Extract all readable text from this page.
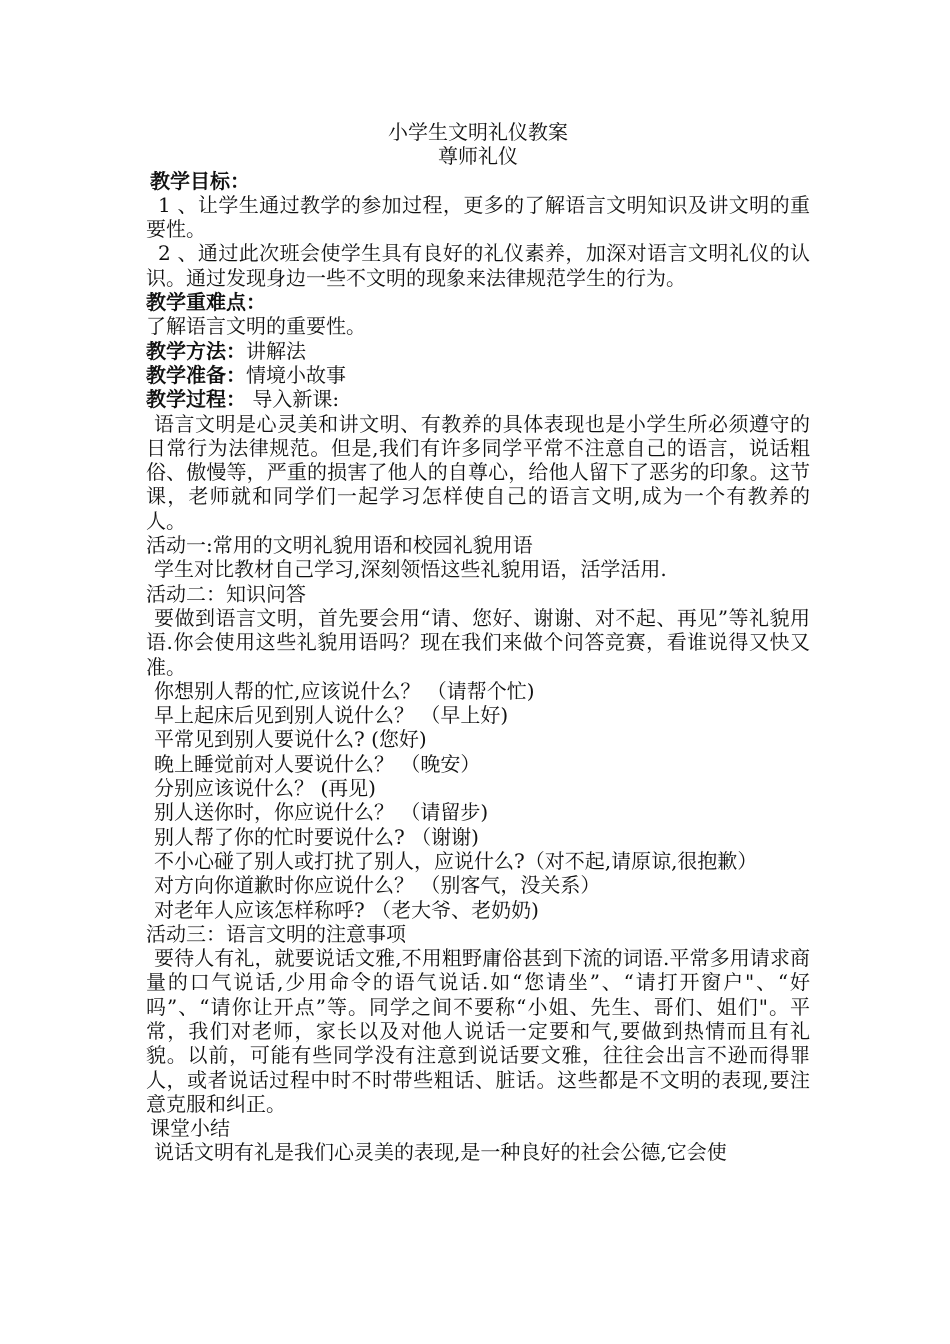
小学生文明礼仪教案

尊师礼仪

教学目标：

1 、让学生通过教学的参加过程，更多的了解语言文明知识及讲文明的重要性。

2 、通过此次班会使学生具有良好的礼仪素养，加深对语言文明礼仪的认识。通过发现身边一些不文明的现象来法律规范学生的行为。

教学重难点：

了解语言文明的重要性。

教学方法：讲解法

教学准备：情境小故事

教学过程： 导入新课:

语言文明是心灵美和讲文明、有教养的具体表现也是小学生所必须遵守的日常行为法律规范。但是,我们有许多同学平常不注意自己的语言，说话粗俗、傲慢等，严重的损害了他人的自尊心，给他人留下了恶劣的印象。这节课，老师就和同学们一起学习怎样使自己的语言文明,成为一个有教养的人。

活动一:常用的文明礼貌用语和校园礼貌用语

学生对比教材自己学习,深刻领悟这些礼貌用语，活学活用.

活动二：知识问答

要做到语言文明，首先要会用“请、您好、谢谢、对不起、再见”等礼貌用语.你会使用这些礼貌用语吗？现在我们来做个问答竞赛，看谁说得又快又准。

你想别人帮的忙,应该说什么？ （请帮个忙)

早上起床后见到别人说什么？ （早上好)

平常见到别人要说什么? (您好)

晚上睡觉前对人要说什么？ （晚安）

分别应该说什么？ (再见)

别人送你时，你应说什么？ （请留步)

别人帮了你的忙时要说什么? （谢谢)

不小心碰了别人或打扰了别人，应说什么?（对不起,请原谅,很抱歉）

对方向你道歉时你应说什么？ （别客气，没关系）

对老年人应该怎样称呼? （老大爷、老奶奶)

活动三：语言文明的注意事项

要待人有礼，就要说话文雅,不用粗野庸俗甚到下流的词语.平常多用请求商量的口气说话,少用命令的语气说话.如“您请坐”、“请打开窗户"、“好吗”、“请你让开点”等。同学之间不要称“小姐、先生、哥们、姐们"。平常，我们对老师，家长以及对他人说话一定要和气,要做到热情而且有礼貌。以前，可能有些同学没有注意到说话要文雅，往往会出言不逊而得罪人，或者说话过程中时不时带些粗话、脏话。这些都是不文明的表现,要注意克服和纠正。

课堂小结

说话文明有礼是我们心灵美的表现,是一种良好的社会公德,它会使
